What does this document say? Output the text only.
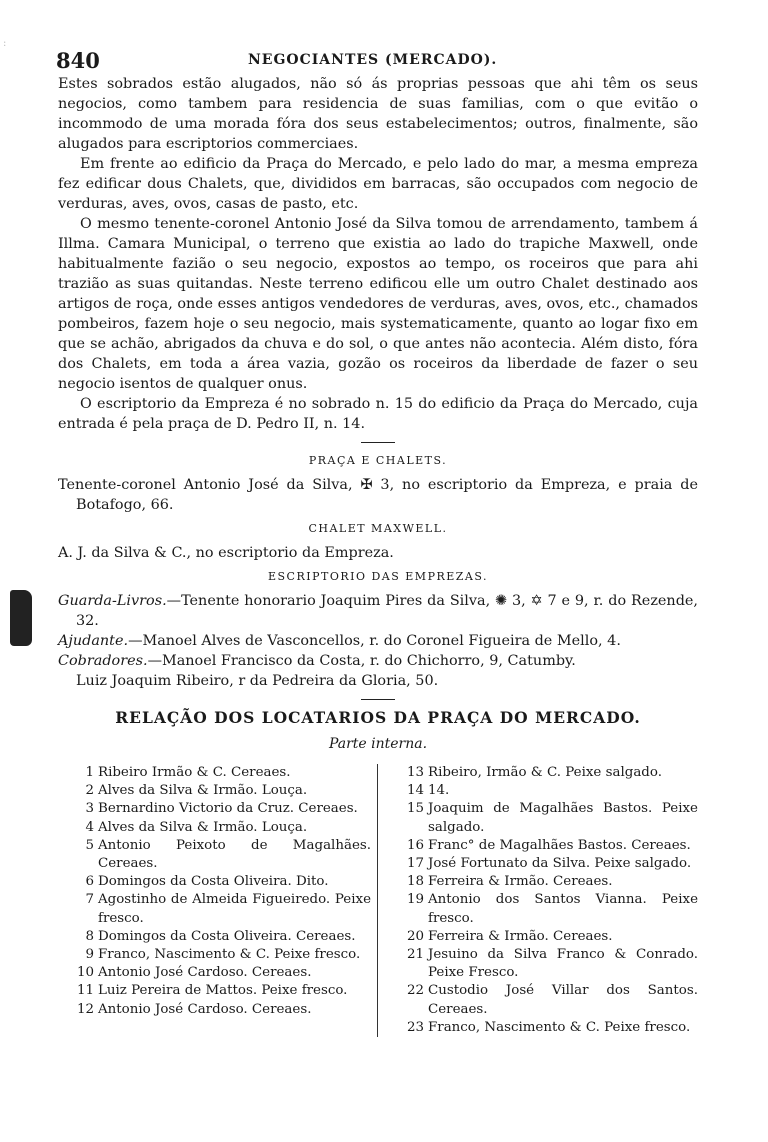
:
840	NEGOCIANTES (MERCADO).

Estes sobrados estão alugados, não só ás proprias pessoas que ahi têm os seus negocios, como tambem para residencia de suas familias, com o que evitão o incommodo de uma morada fóra dos seus estabelecimentos; outros, finalmente, são alugados para escriptorios commerciaes.

Em frente ao edificio da Praça do Mercado, e pelo lado do mar, a mesma empreza fez edificar dous Chalets, que, divididos em barracas, são occupados com negocio de verduras, aves, ovos, casas de pasto, etc.

O mesmo tenente-coronel Antonio José da Silva tomou de arrendamento, tambem á Illma. Camara Municipal, o terreno que existia ao lado do trapiche Maxwell, onde habitualmente fazião o seu negocio, expostos ao tempo, os roceiros que para ahi trazião as suas quitandas. Neste terreno edificou elle um outro Chalet destinado aos artigos de roça, onde esses antigos vendedores de verduras, aves, ovos, etc., chamados pombeiros, fazem hoje o seu negocio, mais systematicamente, quanto ao logar fixo em que se achão, abrigados da chuva e do sol, o que antes não acontecia. Além disto, fóra dos Chalets, em toda a área vazia, gozão os roceiros da liberdade de fazer o seu negocio isentos de qualquer onus.

O escriptorio da Empreza é no sobrado n. 15 do edificio da Praça do Mercado, cuja entrada é pela praça de D. Pedro II, n. 14.

PRAÇA E CHALETS.

Tenente-coronel Antonio José da Silva, ✠ 3, no escriptorio da Empreza, e praia de Botafogo, 66.

CHALET MAXWELL.

A. J. da Silva & C., no escriptorio da Empreza.

ESCRIPTORIO DAS EMPREZAS.

Guarda-Livros.—Tenente honorario Joaquim Pires da Silva, ✺ 3, ✡ 7 e 9, r. do Rezende, 32.

Ajudante.—Manoel Alves de Vasconcellos, r. do Coronel Figueira de Mello, 4.

Cobradores.—Manoel Francisco da Costa, r. do Chichorro, 9, Catumby.

Luiz Joaquim Ribeiro, r da Pedreira da Gloria, 50.

RELAÇÃO DOS LOCATARIOS DA PRAÇA DO MERCADO.
Parte interna.
1 Ribeiro Irmão & C. Cereaes.
2 Alves da Silva & Irmão. Louça.
3 Bernardino Victorio da Cruz. Cereaes.
4 Alves da Silva & Irmão. Louça.
5 Antonio Peixoto de Magalhães. Cereaes.
6 Domingos da Costa Oliveira. Dito.
7 Agostinho de Almeida Figueiredo. Peixe fresco.
8 Domingos da Costa Oliveira. Cereaes.
9 Franco, Nascimento & C. Peixe fresco.
10 Antonio José Cardoso. Cereaes.
11 Luiz Pereira de Mattos. Peixe fresco.
12 Antonio José Cardoso. Cereaes.
13 Ribeiro, Irmão & C. Peixe salgado.
14 14.
15 Joaquim de Magalhães Bastos. Peixe salgado.
16 Franc° de Magalhães Bastos. Cereaes.
17 José Fortunato da Silva. Peixe salgado.
18 Ferreira & Irmão. Cereaes.
19 Antonio dos Santos Vianna. Peixe fresco.
20 Ferreira & Irmão. Cereaes.
21 Jesuino da Silva Franco & Conrado. Peixe Fresco.
22 Custodio José Villar dos Santos. Cereaes.
23 Franco, Nascimento & C. Peixe fresco.
